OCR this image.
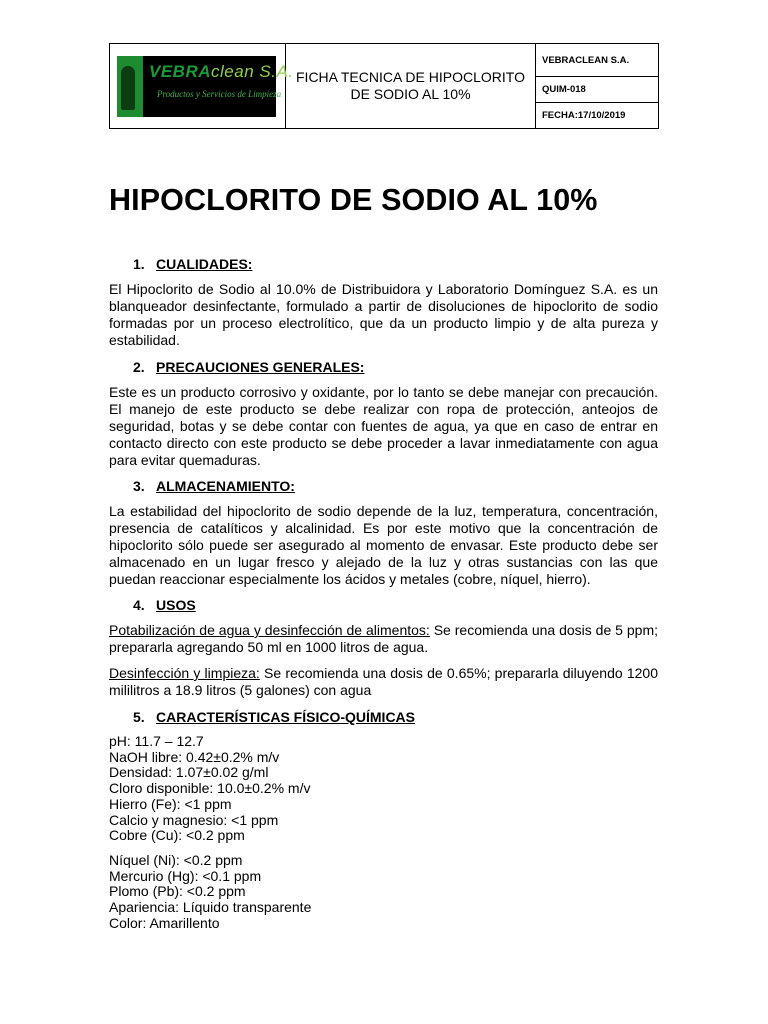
VEBRAclean S.A.
Productos y Servicios de Limpieza
FICHA TECNICA DE HIPOCLORITO DE SODIO AL 10%
VEBRACLEAN S.A.
QUIM-018
FECHA:17/10/2019
HIPOCLORITO DE SODIO AL 10%
1. CUALIDADES:

El Hipoclorito de Sodio al 10.0% de Distribuidora y Laboratorio Domínguez S.A. es un blanqueador desinfectante, formulado a partir de disoluciones de hipoclorito de sodio formadas por un proceso electrolítico, que da un producto limpio y de alta pureza y estabilidad.

2. PRECAUCIONES GENERALES:

Este es un producto corrosivo y oxidante, por lo tanto se debe manejar con precaución. El manejo de este producto se debe realizar con ropa de protección, anteojos de seguridad, botas y se debe contar con fuentes de agua, ya que en caso de entrar en contacto directo con este producto se debe proceder a lavar inmediatamente con agua para evitar quemaduras.

3. ALMACENAMIENTO:

La estabilidad del hipoclorito de sodio depende de la luz, temperatura, concentración, presencia de catalíticos y alcalinidad. Es por este motivo que la concentración de hipoclorito sólo puede ser asegurado al momento de envasar. Este producto debe ser almacenado en un lugar fresco y alejado de la luz y otras sustancias con las que puedan reaccionar especialmente los ácidos y metales (cobre, níquel, hierro).

4. USOS

Potabilización de agua y desinfección de alimentos: Se recomienda una dosis de 5 ppm; prepararla agregando 50 ml en 1000 litros de agua.

Desinfección y limpieza: Se recomienda una dosis de 0.65%; prepararla diluyendo 1200 mililitros a 18.9 litros (5 galones) con agua

5. CARACTERÍSTICAS FÍSICO-QUÍMICAS
pH: 11.7 – 12.7
NaOH libre: 0.42±0.2% m/v
Densidad: 1.07±0.02 g/ml
Cloro disponible: 10.0±0.2% m/v
Hierro (Fe): <1 ppm
Calcio y magnesio: <1 ppm
Cobre (Cu): <0.2 ppm
Níquel (Ni): <0.2 ppm
Mercurio (Hg): <0.1 ppm
Plomo (Pb): <0.2 ppm
Apariencia: Líquido transparente
Color: Amarillento
